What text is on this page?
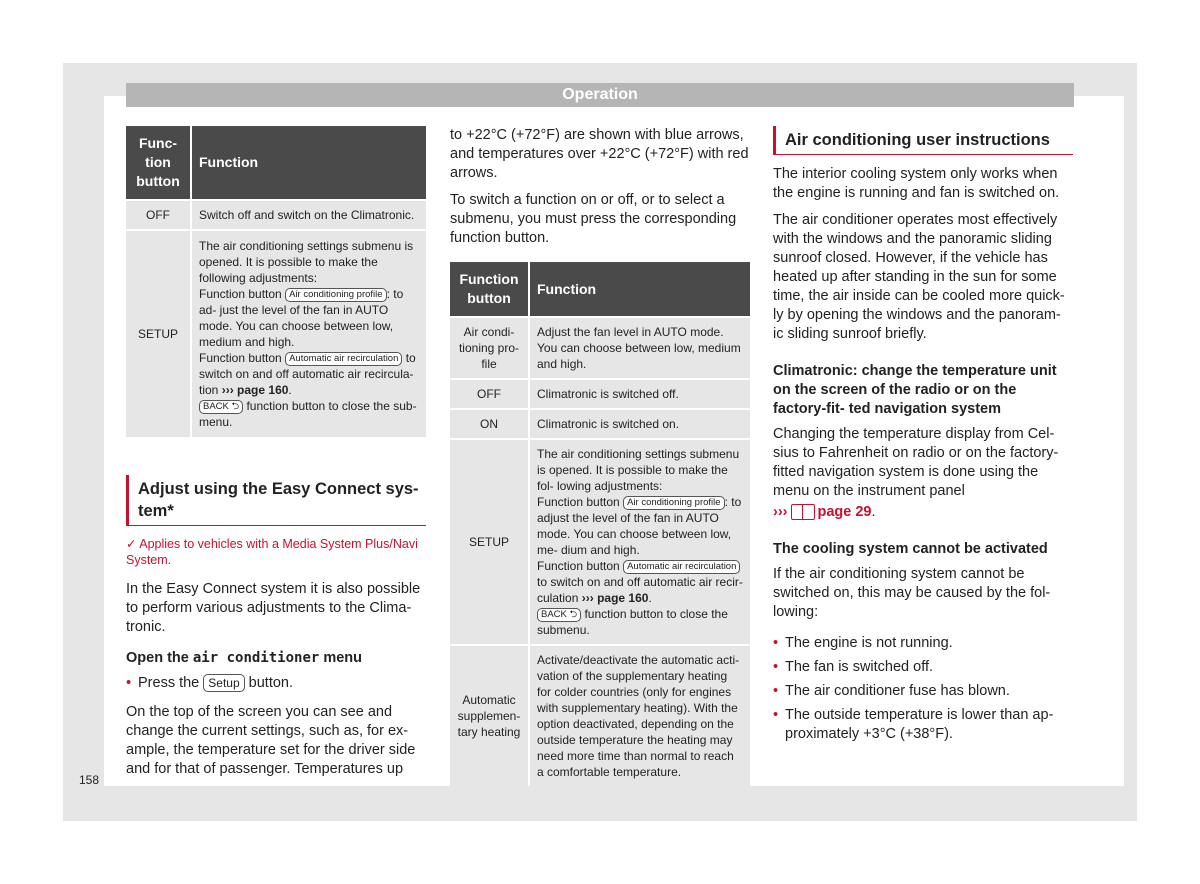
Operation
Func- tion button	Function
OFF	Switch off and switch on the Climatronic.
SETUP	The air conditioning settings submenu is opened. It is possible to make the following adjustments:
Function button Air conditioning profile : to ad- just the level of the fan in AUTO mode. You can choose between low, medium and high.
Function button Automatic air recirculation to switch on and off automatic air recircula- tion ››› page 160.
BACK ⮌ function button to close the sub- menu.
Adjust using the Easy Connect sys- tem*
✓ Applies to vehicles with a Media System Plus/Navi System.

In the Easy Connect system it is also possible to perform various adjustments to the Clima- tronic.

Open the air conditioner menu
• Press the Setup button.

On the top of the screen you can see and change the current settings, such as, for ex- ample, the temperature set for the driver side and for that of passenger. Temperatures up

to +22°C (+72°F) are shown with blue arrows, and temperatures over +22°C (+72°F) with red arrows.

To switch a function on or off, or to select a submenu, you must press the corresponding function button.

Function button	Function
Air condi- tioning pro- file	Adjust the fan level in AUTO mode. You can choose between low, medium and high.
OFF	Climatronic is switched off.
ON	Climatronic is switched on.
SETUP	The air conditioning settings submenu is opened. It is possible to make the fol- lowing adjustments:
Function button Air conditioning profile : to adjust the level of the fan in AUTO mode. You can choose between low, me- dium and high.
Function button Automatic air recirculation to switch on and off automatic air recir- culation ››› page 160.
BACK ⮌ function button to close the submenu.
Automatic supplemen- tary heating	Activate/deactivate the automatic acti- vation of the supplementary heating for colder countries (only for engines with supplementary heating). With the option deactivated, depending on the outside temperature the heating may need more time than normal to reach a comfortable temperature.
Air conditioning user instructions

The interior cooling system only works when the engine is running and fan is switched on.

The air conditioner operates most effectively with the windows and the panoramic sliding sunroof closed. However, if the vehicle has heated up after standing in the sun for some time, the air inside can be cooled more quick- ly by opening the windows and the panoram- ic sliding sunroof briefly.

Climatronic: change the temperature unit on the screen of the radio or on the factory-fit- ted navigation system

Changing the temperature display from Cel- sius to Fahrenheit on radio or on the factory- fitted navigation system is done using the menu on the instrument panel

››› page 29.

The cooling system cannot be activated

If the air conditioning system cannot be switched on, this may be caused by the fol- lowing:

• The engine is not running.
• The fan is switched off.
• The air conditioner fuse has blown.
• The outside temperature is lower than ap- proximately +3°C (+38°F).
158
